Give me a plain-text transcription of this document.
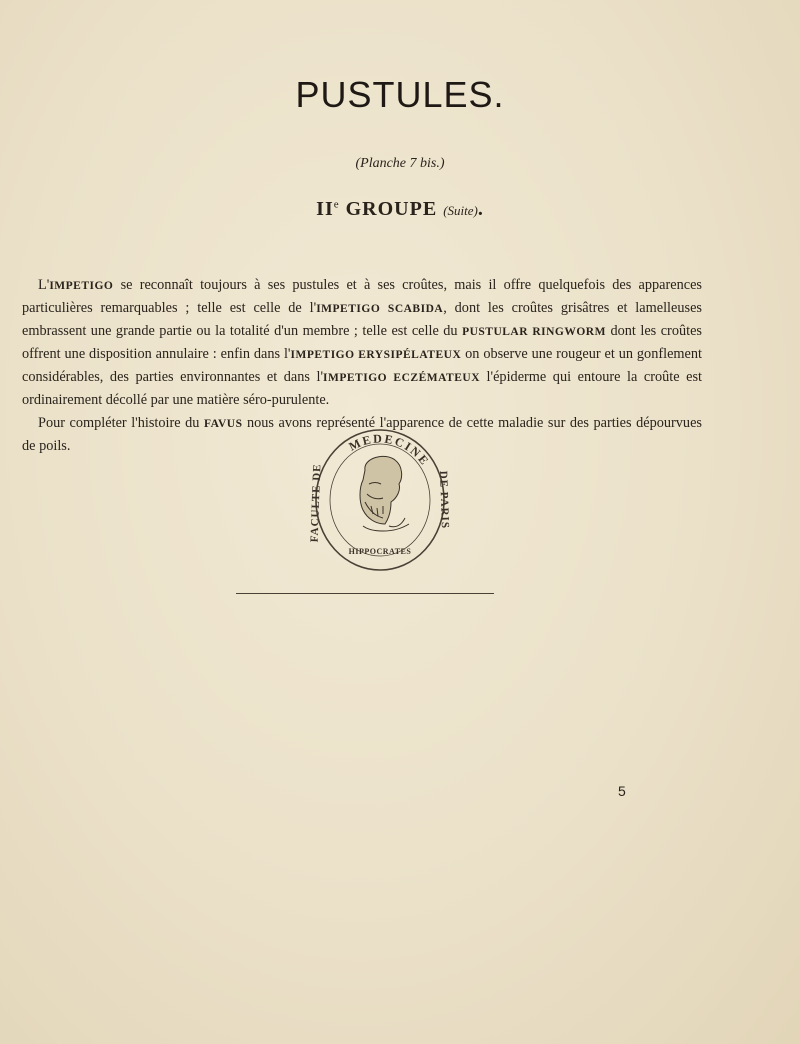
PUSTULES.
(Planche 7 bis.)
IIe GROUPE (Suite).

L'IMPETIGO se reconnaît toujours à ses pustules et à ses croûtes, mais il offre quelquefois des apparences particulières remarquables ; telle est celle de l'IMPETIGO SCABIDA, dont les croûtes grisâtres et lamelleuses embrassent une grande partie ou la totalité d'un membre ; telle est celle du PUSTULAR RINGWORM dont les croûtes offrent une disposition annulaire : enfin dans l'IMPETIGO ERYSIPÉLATEUX on observe une rougeur et un gonflement considérables, des parties environnantes et dans l'IMPETIGO ECZÉMATEUX l'épiderme qui entoure la croûte est ordinairement décollé par une matière séro-purulente.

Pour compléter l'histoire du FAVUS nous avons représenté l'apparence de cette maladie sur des parties dépourvues de poils.	MEDECINE
FACULTE DE	DE PARIS
HIPPOCRATES
5
